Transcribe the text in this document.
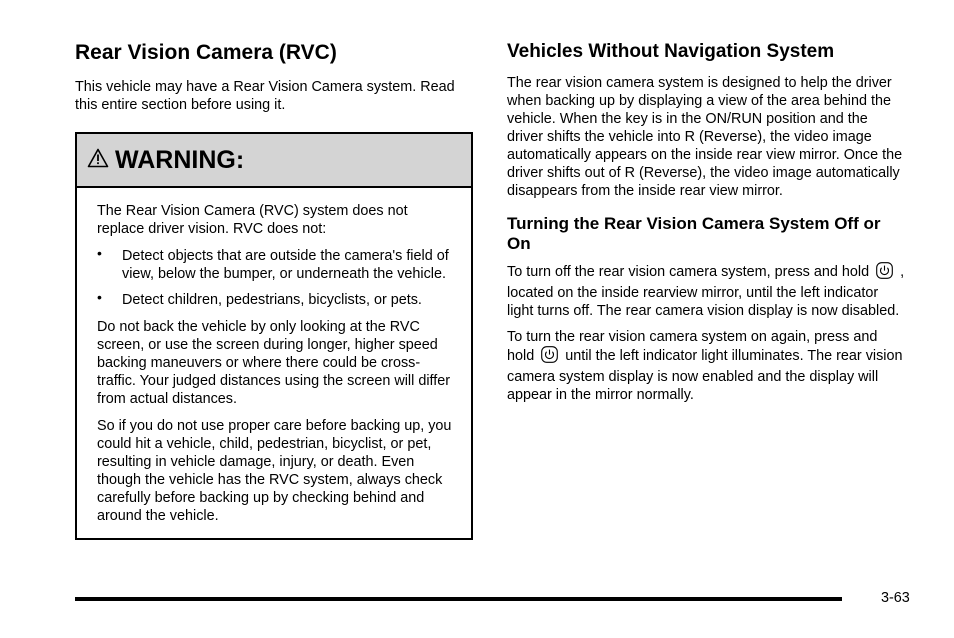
Rear Vision Camera (RVC)

This vehicle may have a Rear Vision Camera system. Read this entire section before using it.

WARNING:

The Rear Vision Camera (RVC) system does not replace driver vision. RVC does not:

• Detect objects that are outside the camera's field of view, below the bumper, or underneath the vehicle.
• Detect children, pedestrians, bicyclists, or pets.

Do not back the vehicle by only looking at the RVC screen, or use the screen during longer, higher speed backing maneuvers or where there could be cross-traffic. Your judged distances using the screen will differ from actual distances.

So if you do not use proper care before backing up, you could hit a vehicle, child, pedestrian, bicyclist, or pet, resulting in vehicle damage, injury, or death. Even though the vehicle has the RVC system, always check carefully before backing up by checking behind and around the vehicle.

Vehicles Without Navigation System

The rear vision camera system is designed to help the driver when backing up by displaying a view of the area behind the vehicle. When the key is in the ON/RUN position and the driver shifts the vehicle into R (Reverse), the video image automatically appears on the inside rear view mirror. Once the driver shifts out of R (Reverse), the video image automatically disappears from the inside rear view mirror.

Turning the Rear Vision Camera System Off or On

To turn off the rear vision camera system, press and hold , located on the inside rearview mirror, until the left indicator light turns off. The rear camera vision display is now disabled.

To turn the rear vision camera system on again, press and hold until the left indicator light illuminates. The rear vision camera system display is now enabled and the display will appear in the mirror normally.

3-63
